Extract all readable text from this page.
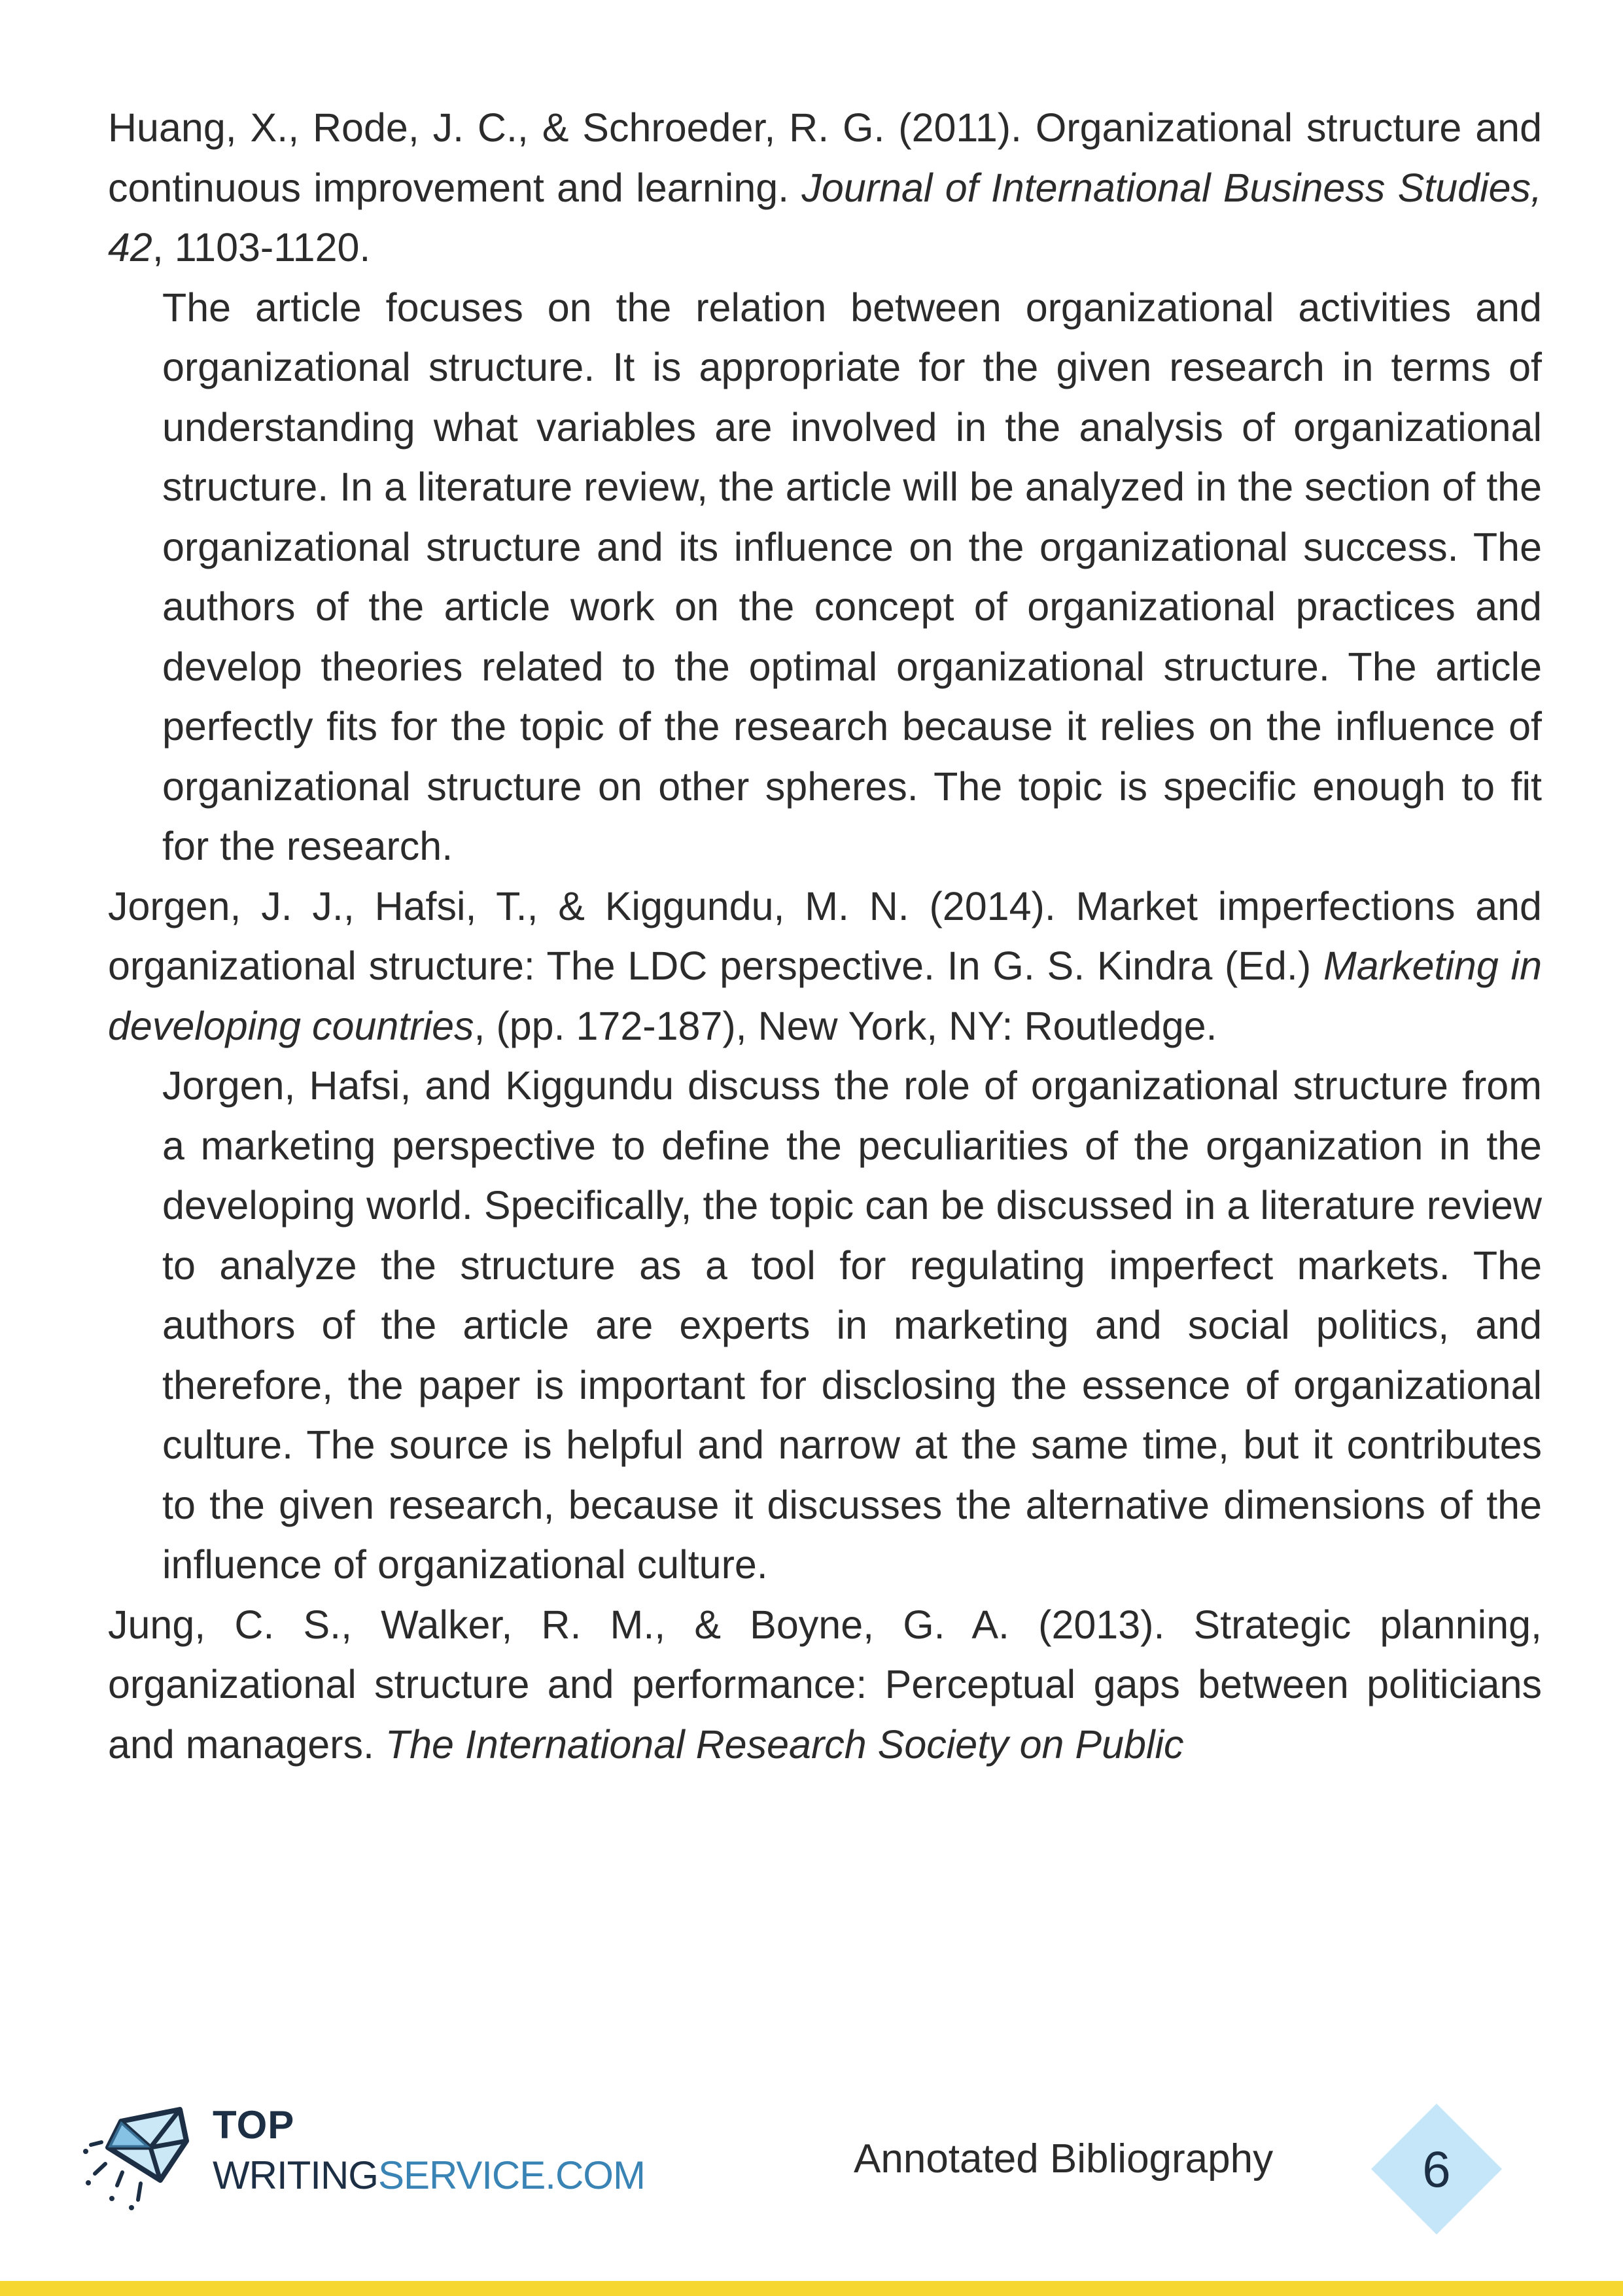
Huang, X., Rode, J. C., & Schroeder, R. G. (2011). Organizational structure and continuous improvement and learning. Journal of International Business Studies, 42, 1103-1120.

The article focuses on the relation between organizational activities and organizational structure. It is appropriate for the given research in terms of understanding what variables are involved in the analysis of organizational structure. In a literature review, the article will be analyzed in the section of the organizational structure and its influence on the organizational success. The authors of the article work on the concept of organizational practices and develop theories related to the optimal organizational structure. The article perfectly fits for the topic of the research because it relies on the influence of organizational structure on other spheres. The topic is specific enough to fit for the research.

Jorgen, J. J., Hafsi, T., & Kiggundu, M. N. (2014). Market imperfections and organizational structure: The LDC perspective. In G. S. Kindra (Ed.) Marketing in developing countries, (pp. 172-187), New York, NY: Routledge.

Jorgen, Hafsi, and Kiggundu discuss the role of organizational structure from a marketing perspective to define the peculiarities of the organization in the developing world. Specifically, the topic can be discussed in a literature review to analyze the structure as a tool for regulating imperfect markets. The authors of the article are experts in marketing and social politics, and therefore, the paper is important for disclosing the essence of organizational culture. The source is helpful and narrow at the same time, but it contributes to the given research, because it discusses the alternative dimensions of the influence of organizational culture.

Jung, C. S., Walker, R. M., & Boyne, G. A. (2013). Strategic planning, organizational structure and performance: Perceptual gaps between politicians and managers. The International Research Society on Public

TOP
WRITINGSERVICE.COM	Annotated Bibliography	6
